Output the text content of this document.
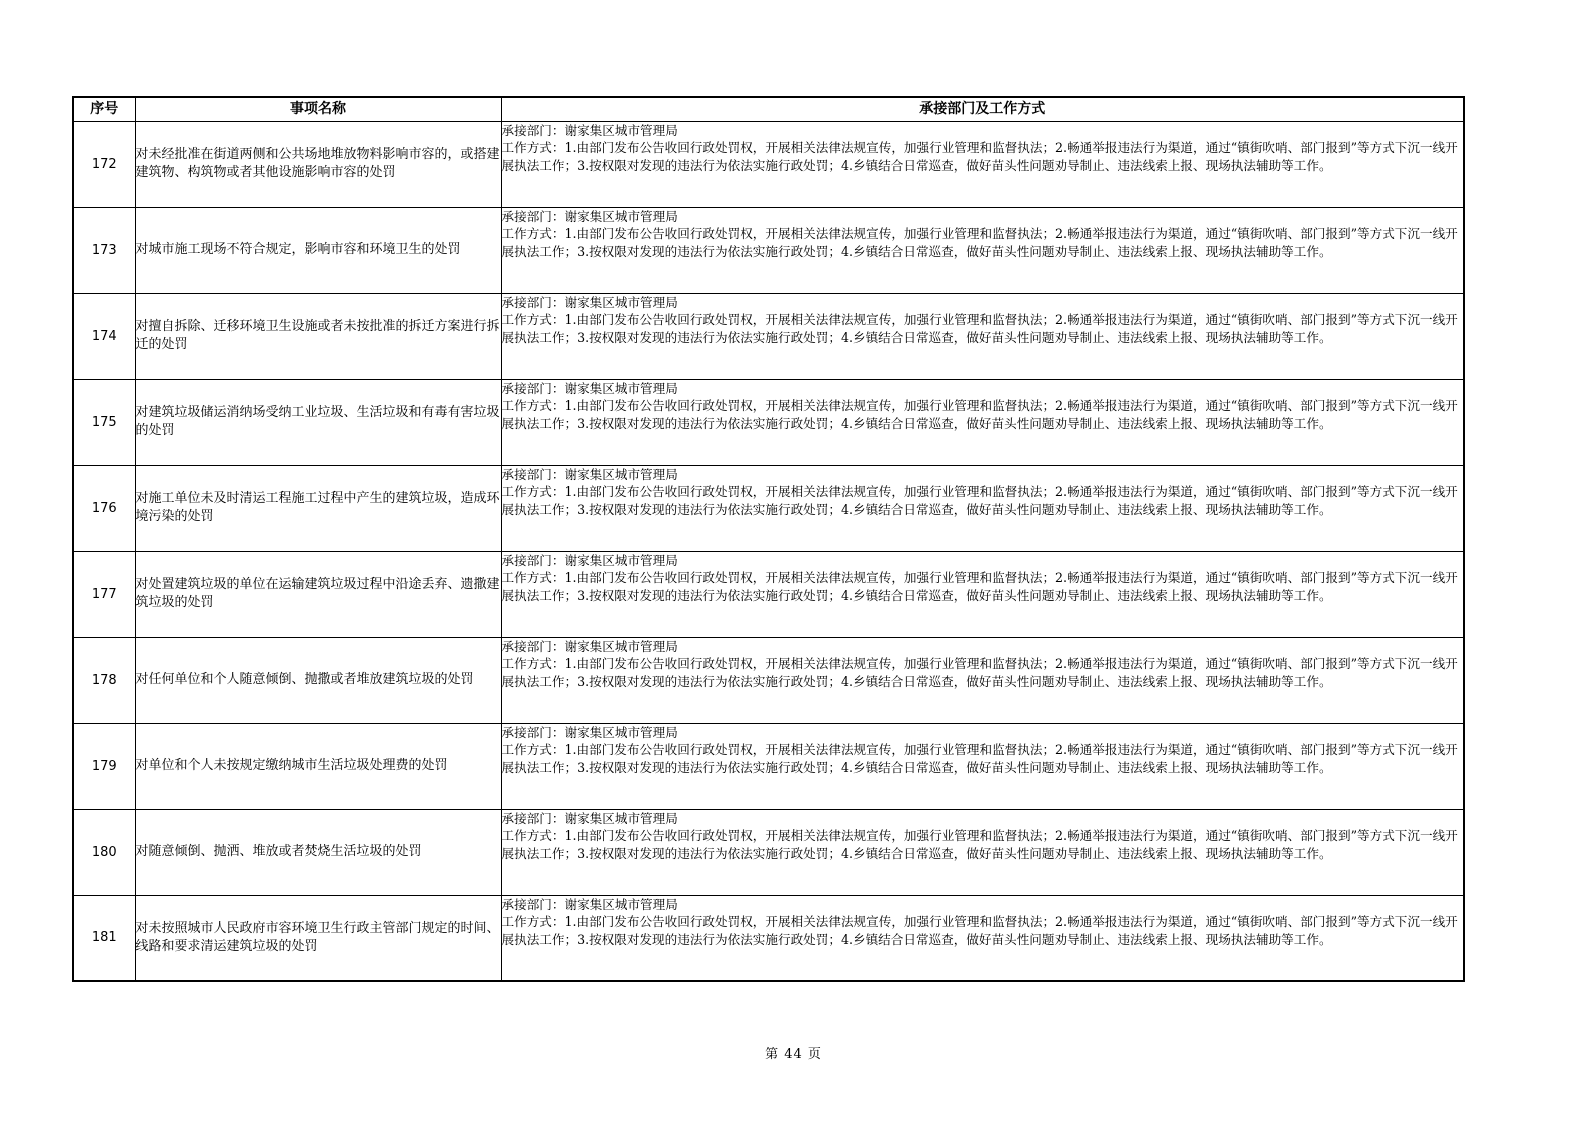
序号	事项名称	承接部门及工作方式
172	对未经批准在街道两侧和公共场地堆放物料影响市容的，或搭建建筑物、构筑物或者其他设施影响市容的处罚	承接部门：谢家集区城市管理局
工作方式：1.由部门发布公告收回行政处罚权，开展相关法律法规宣传，加强行业管理和监督执法；2.畅通举报违法行为渠道，通过“镇街吹哨、部门报到”等方式下沉一线开展执法工作；3.按权限对发现的违法行为依法实施行政处罚；4.乡镇结合日常巡查，做好苗头性问题劝导制止、违法线索上报、现场执法辅助等工作。

173	对城市施工现场不符合规定，影响市容和环境卫生的处罚	承接部门：谢家集区城市管理局
工作方式：1.由部门发布公告收回行政处罚权，开展相关法律法规宣传，加强行业管理和监督执法；2.畅通举报违法行为渠道，通过“镇街吹哨、部门报到”等方式下沉一线开展执法工作；3.按权限对发现的违法行为依法实施行政处罚；4.乡镇结合日常巡查，做好苗头性问题劝导制止、违法线索上报、现场执法辅助等工作。

174	对擅自拆除、迁移环境卫生设施或者未按批准的拆迁方案进行拆迁的处罚	承接部门：谢家集区城市管理局
工作方式：1.由部门发布公告收回行政处罚权，开展相关法律法规宣传，加强行业管理和监督执法；2.畅通举报违法行为渠道，通过“镇街吹哨、部门报到”等方式下沉一线开展执法工作；3.按权限对发现的违法行为依法实施行政处罚；4.乡镇结合日常巡查，做好苗头性问题劝导制止、违法线索上报、现场执法辅助等工作。

175	对建筑垃圾储运消纳场受纳工业垃圾、生活垃圾和有毒有害垃圾的处罚	承接部门：谢家集区城市管理局
工作方式：1.由部门发布公告收回行政处罚权，开展相关法律法规宣传，加强行业管理和监督执法；2.畅通举报违法行为渠道，通过“镇街吹哨、部门报到”等方式下沉一线开展执法工作；3.按权限对发现的违法行为依法实施行政处罚；4.乡镇结合日常巡查，做好苗头性问题劝导制止、违法线索上报、现场执法辅助等工作。

176	对施工单位未及时清运工程施工过程中产生的建筑垃圾，造成环境污染的处罚	承接部门：谢家集区城市管理局
工作方式：1.由部门发布公告收回行政处罚权，开展相关法律法规宣传，加强行业管理和监督执法；2.畅通举报违法行为渠道，通过“镇街吹哨、部门报到”等方式下沉一线开展执法工作；3.按权限对发现的违法行为依法实施行政处罚；4.乡镇结合日常巡查，做好苗头性问题劝导制止、违法线索上报、现场执法辅助等工作。

177	对处置建筑垃圾的单位在运输建筑垃圾过程中沿途丢弃、遗撒建筑垃圾的处罚	承接部门：谢家集区城市管理局
工作方式：1.由部门发布公告收回行政处罚权，开展相关法律法规宣传，加强行业管理和监督执法；2.畅通举报违法行为渠道，通过“镇街吹哨、部门报到”等方式下沉一线开展执法工作；3.按权限对发现的违法行为依法实施行政处罚；4.乡镇结合日常巡查，做好苗头性问题劝导制止、违法线索上报、现场执法辅助等工作。

178	对任何单位和个人随意倾倒、抛撒或者堆放建筑垃圾的处罚	承接部门：谢家集区城市管理局
工作方式：1.由部门发布公告收回行政处罚权，开展相关法律法规宣传，加强行业管理和监督执法；2.畅通举报违法行为渠道，通过“镇街吹哨、部门报到”等方式下沉一线开展执法工作；3.按权限对发现的违法行为依法实施行政处罚；4.乡镇结合日常巡查，做好苗头性问题劝导制止、违法线索上报、现场执法辅助等工作。

179	对单位和个人未按规定缴纳城市生活垃圾处理费的处罚	承接部门：谢家集区城市管理局
工作方式：1.由部门发布公告收回行政处罚权，开展相关法律法规宣传，加强行业管理和监督执法；2.畅通举报违法行为渠道，通过“镇街吹哨、部门报到”等方式下沉一线开展执法工作；3.按权限对发现的违法行为依法实施行政处罚；4.乡镇结合日常巡查，做好苗头性问题劝导制止、违法线索上报、现场执法辅助等工作。

180	对随意倾倒、抛洒、堆放或者焚烧生活垃圾的处罚	承接部门：谢家集区城市管理局
工作方式：1.由部门发布公告收回行政处罚权，开展相关法律法规宣传，加强行业管理和监督执法；2.畅通举报违法行为渠道，通过“镇街吹哨、部门报到”等方式下沉一线开展执法工作；3.按权限对发现的违法行为依法实施行政处罚；4.乡镇结合日常巡查，做好苗头性问题劝导制止、违法线索上报、现场执法辅助等工作。

181	对未按照城市人民政府市容环境卫生行政主管部门规定的时间、线路和要求清运建筑垃圾的处罚	承接部门：谢家集区城市管理局
工作方式：1.由部门发布公告收回行政处罚权，开展相关法律法规宣传，加强行业管理和监督执法；2.畅通举报违法行为渠道，通过“镇街吹哨、部门报到”等方式下沉一线开展执法工作；3.按权限对发现的违法行为依法实施行政处罚；4.乡镇结合日常巡查，做好苗头性问题劝导制止、违法线索上报、现场执法辅助等工作。
第 44 页
